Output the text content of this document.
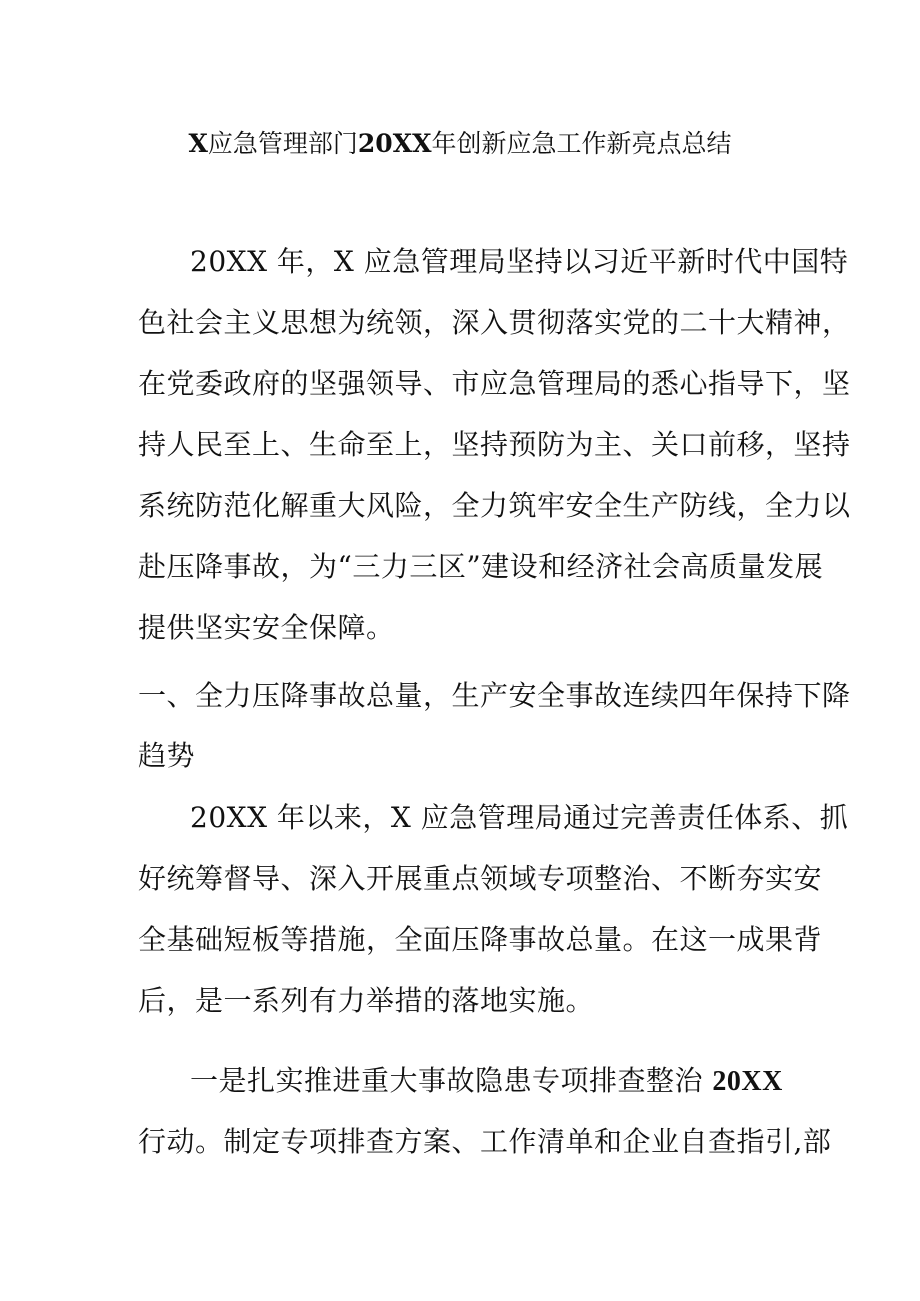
X应急管理部门20XX年创新应急工作新亮点总结

20XX 年，X 应急管理局坚持以习近平新时代中国特

色社会主义思想为统领，深入贯彻落实党的二十大精神，

在党委政府的坚强领导、市应急管理局的悉心指导下，坚

持人民至上、生命至上，坚持预防为主、关口前移，坚持

系统防范化解重大风险，全力筑牢安全生产防线，全力以

赴压降事故，为“三力三区”建设和经济社会高质量发展

提供坚实安全保障。

一、全力压降事故总量，生产安全事故连续四年保持下降

趋势

20XX 年以来，X 应急管理局通过完善责任体系、抓

好统筹督导、深入开展重点领域专项整治、不断夯实安

全基础短板等措施，全面压降事故总量。在这一成果背

后，是一系列有力举措的落地实施。

一是扎实推进重大事故隐患专项排查整治 20XX

行动。制定专项排查方案、工作清单和企业自查指引,部
